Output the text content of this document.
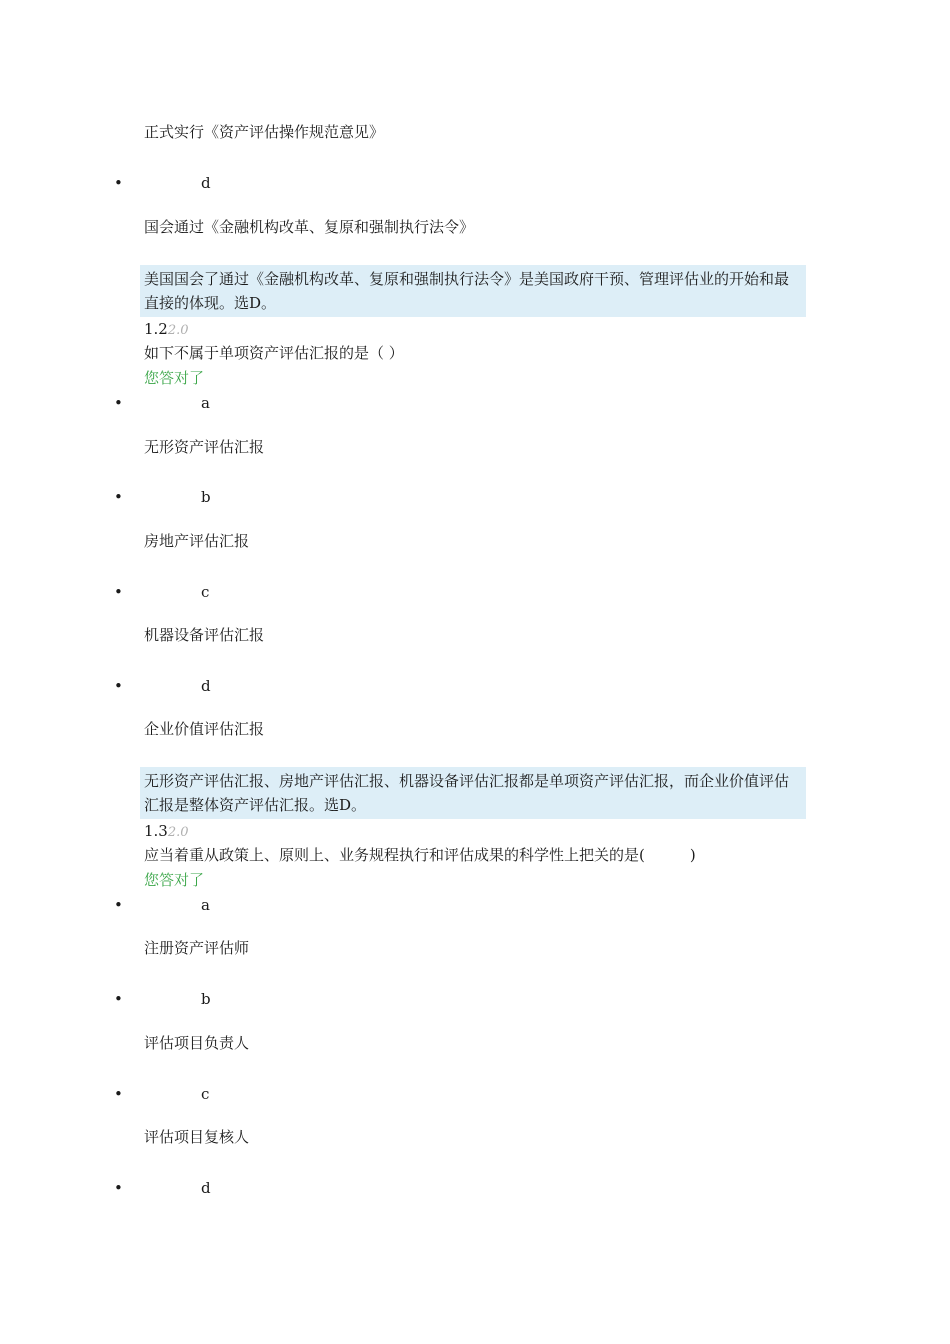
正式实行《资产评估操作规范意见》
•	d
国会通过《金融机构改革、复原和强制执行法令》
美国国会了通过《金融机构改革、复原和强制执行法令》是美国政府干预、管理评估业的开始和最直接的体现。选D。
1.22.0
如下不属于单项资产评估汇报的是（ ）
您答对了
•	a
无形资产评估汇报
•	b
房地产评估汇报
•	c
机器设备评估汇报
•	d
企业价值评估汇报
无形资产评估汇报、房地产评估汇报、机器设备评估汇报都是单项资产评估汇报，而企业价值评估汇报是整体资产评估汇报。选D。
1.32.0
应当着重从政策上、原则上、业务规程执行和评估成果的科学性上把关的是(　　　)
您答对了
•	a
注册资产评估师
•	b
评估项目负责人
•	c
评估项目复核人
•	d
